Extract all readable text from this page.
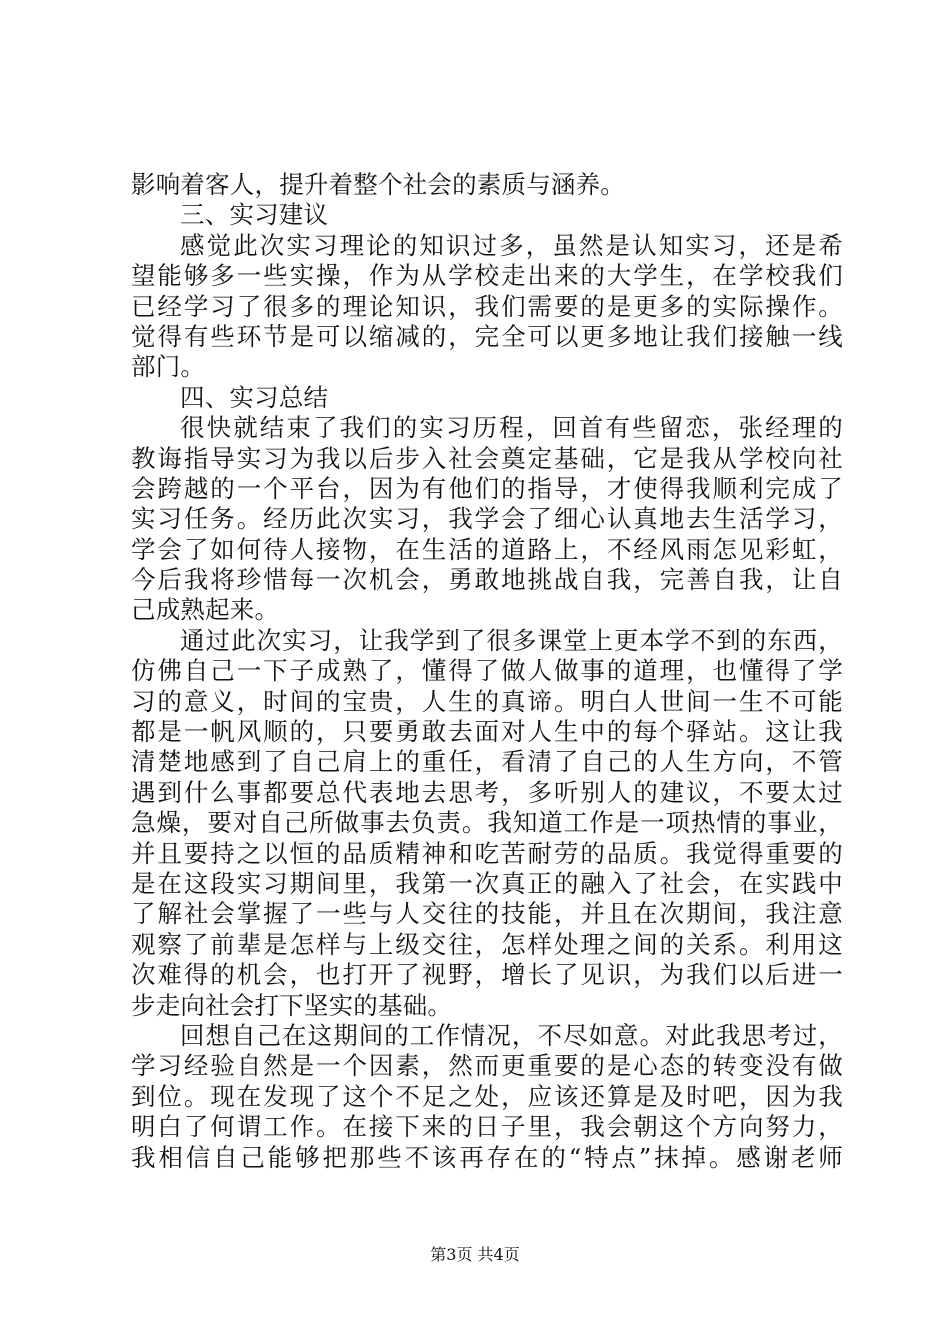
影响着客人，提升着整个社会的素质与涵养。
三、实习建议
感觉此次实习理论的知识过多，虽然是认知实习，还是希
望能够多一些实操，作为从学校走出来的大学生，在学校我们
已经学习了很多的理论知识，我们需要的是更多的实际操作。
觉得有些环节是可以缩减的，完全可以更多地让我们接触一线
部门。
四、实习总结
很快就结束了我们的实习历程，回首有些留恋，张经理的
教诲指导实习为我以后步入社会奠定基础，它是我从学校向社
会跨越的一个平台，因为有他们的指导，才使得我顺利完成了
实习任务。经历此次实习，我学会了细心认真地去生活学习，
学会了如何待人接物，在生活的道路上，不经风雨怎见彩虹，
今后我将珍惜每一次机会，勇敢地挑战自我，完善自我，让自
己成熟起来。
通过此次实习，让我学到了很多课堂上更本学不到的东西，
仿佛自己一下子成熟了，懂得了做人做事的道理，也懂得了学
习的意义，时间的宝贵，人生的真谛。明白人世间一生不可能
都是一帆风顺的，只要勇敢去面对人生中的每个驿站。这让我
清楚地感到了自己肩上的重任，看清了自己的人生方向，不管
遇到什么事都要总代表地去思考，多听别人的建议，不要太过
急燥，要对自己所做事去负责。我知道工作是一项热情的事业，
并且要持之以恒的品质精神和吃苦耐劳的品质。我觉得重要的
是在这段实习期间里，我第一次真正的融入了社会，在实践中
了解社会掌握了一些与人交往的技能，并且在次期间，我注意
观察了前辈是怎样与上级交往，怎样处理之间的关系。利用这
次难得的机会，也打开了视野，增长了见识，为我们以后进一
步走向社会打下坚实的基础。
回想自己在这期间的工作情况，不尽如意。对此我思考过，
学习经验自然是一个因素，然而更重要的是心态的转变没有做
到位。现在发现了这个不足之处，应该还算是及时吧，因为我
明白了何谓工作。在接下来的日子里，我会朝这个方向努力，
我相信自己能够把那些不该再存在的“特点”抹掉。感谢老师
第3页 共4页
